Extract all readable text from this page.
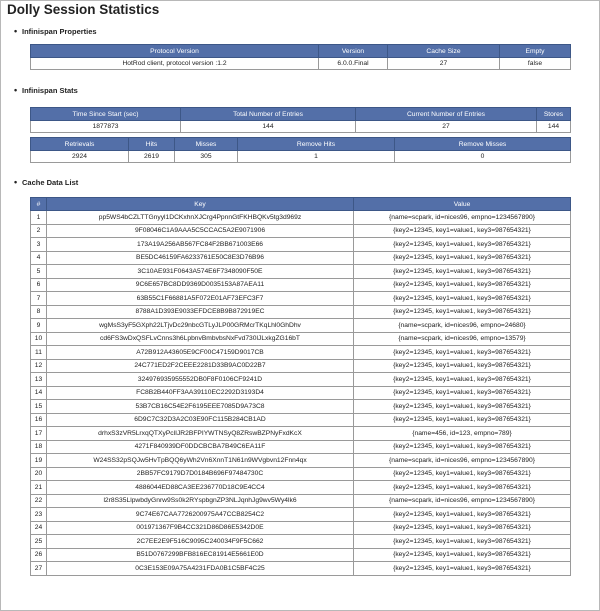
Dolly Session Statistics
• Infinispan Properties
Protocol Version	Version	Cache Size	Empty
HotRod client, protocol version :1.2	6.0.0.Final	27	false
• Infinispan Stats
Time Since Start (sec)	Total Number of Entries	Current Number of Entries	Stores
1877873	144	27	144
Retrievals	Hits	Misses	Remove Hits	Remove Misses
2924	2619	305	1	0
• Cache Data List
#	Key	Value
1	pp5WS4bCZLTTGnyyl1DCKxhnXJCrg4PpnnGtFKHBQKv5tg3d969z	{name=scpark, id=nices96, empno=1234567890}
2	9F08046C1A9AAA5C5CCAC5A2E9071906	{key2=12345, key1=value1, key3=987654321}
3	173A19A256AB567FC84F2BB671003E66	{key2=12345, key1=value1, key3=987654321}
4	BE5DC46159FA6233761E50C8E3D76B96	{key2=12345, key1=value1, key3=987654321}
5	3C10AE931F0643A574E6F7348090F50E	{key2=12345, key1=value1, key3=987654321}
6	9C6E657BC8DD9369D0035153A87AEA11	{key2=12345, key1=value1, key3=987654321}
7	63B55C1F66881A5F072E01AF73EFC3F7	{key2=12345, key1=value1, key3=987654321}
8	8788A1D393E9033EFDCE8B9B872919EC	{key2=12345, key1=value1, key3=987654321}
9	wgMsS3yF5GXph22LTjvDc29nbcGTLyJLP00GRMcrTKqLhl0GhDhv	{name=scpark, id=nices96, empno=24680}
10	cd6FS3wDxQSFLvCnns3h6LpbnvBmbvbsNxFvd730lJLxkgZG16bT	{name=scpark, id=nices96, empno=13579}
11	A72B912A43605E9CF00C47159D9017CB	{key2=12345, key1=value1, key3=987654321}
12	24C771ED2F2CEEE2281D33B9AC0D22B7	{key2=12345, key1=value1, key3=987654321}
13	324976935955552DB0F8F0106CF9241D	{key2=12345, key1=value1, key3=987654321}
14	FC8B2B440FF3AA39110EC2292D3193D4	{key2=12345, key1=value1, key3=987654321}
15	53B7CB16C54E2F6195EEE7085D9A73C8	{key2=12345, key1=value1, key3=987654321}
16	6D9C7C32D3A2C03E90FC115B284CB1AD	{key2=12345, key1=value1, key3=987654321}
17	drhxS3zVR5LrxqQTXyPclIJR2BFPIYWTNSyQ8ZRswBZPNyFxdKcX	{name=456, id=123, empno=789}
18	4271F840939DF0DDCBCBA7B49C6EA11F	{key2=12345, key1=value1, key3=987654321}
19	W24SS32pSQJw5HvTpBQQ6yWh2Vn6XnnT1N61n9WVgbvn12Fnn4qx	{name=scpark, id=nices96, empno=1234567890}
20	2BB57FC9179D7D0184B696F97484730C	{key2=12345, key1=value1, key3=987654321}
21	4886044ED88CA3EE236770D18C9E4CC4	{key2=12345, key1=value1, key3=987654321}
22	l2r8S35LlpwbdyGnrw9Ss0k2RYspbgnZP3NLJqnhJg9wv5Wy4lk6	{name=scpark, id=nices96, empno=1234567890}
23	9C74E67CAA7726200975A47CCB8254C2	{key2=12345, key1=value1, key3=987654321}
24	001971367F9B4CC321D86D86E5342D0E	{key2=12345, key1=value1, key3=987654321}
25	2C7EE2E9F516C9095C240034F9F5C662	{key2=12345, key1=value1, key3=987654321}
26	B51D0767299BFB816EC81914E5661E0D	{key2=12345, key1=value1, key3=987654321}
27	0C3E153E09A75A4231FDA0B1C5BF4C25	{key2=12345, key1=value1, key3=987654321}
